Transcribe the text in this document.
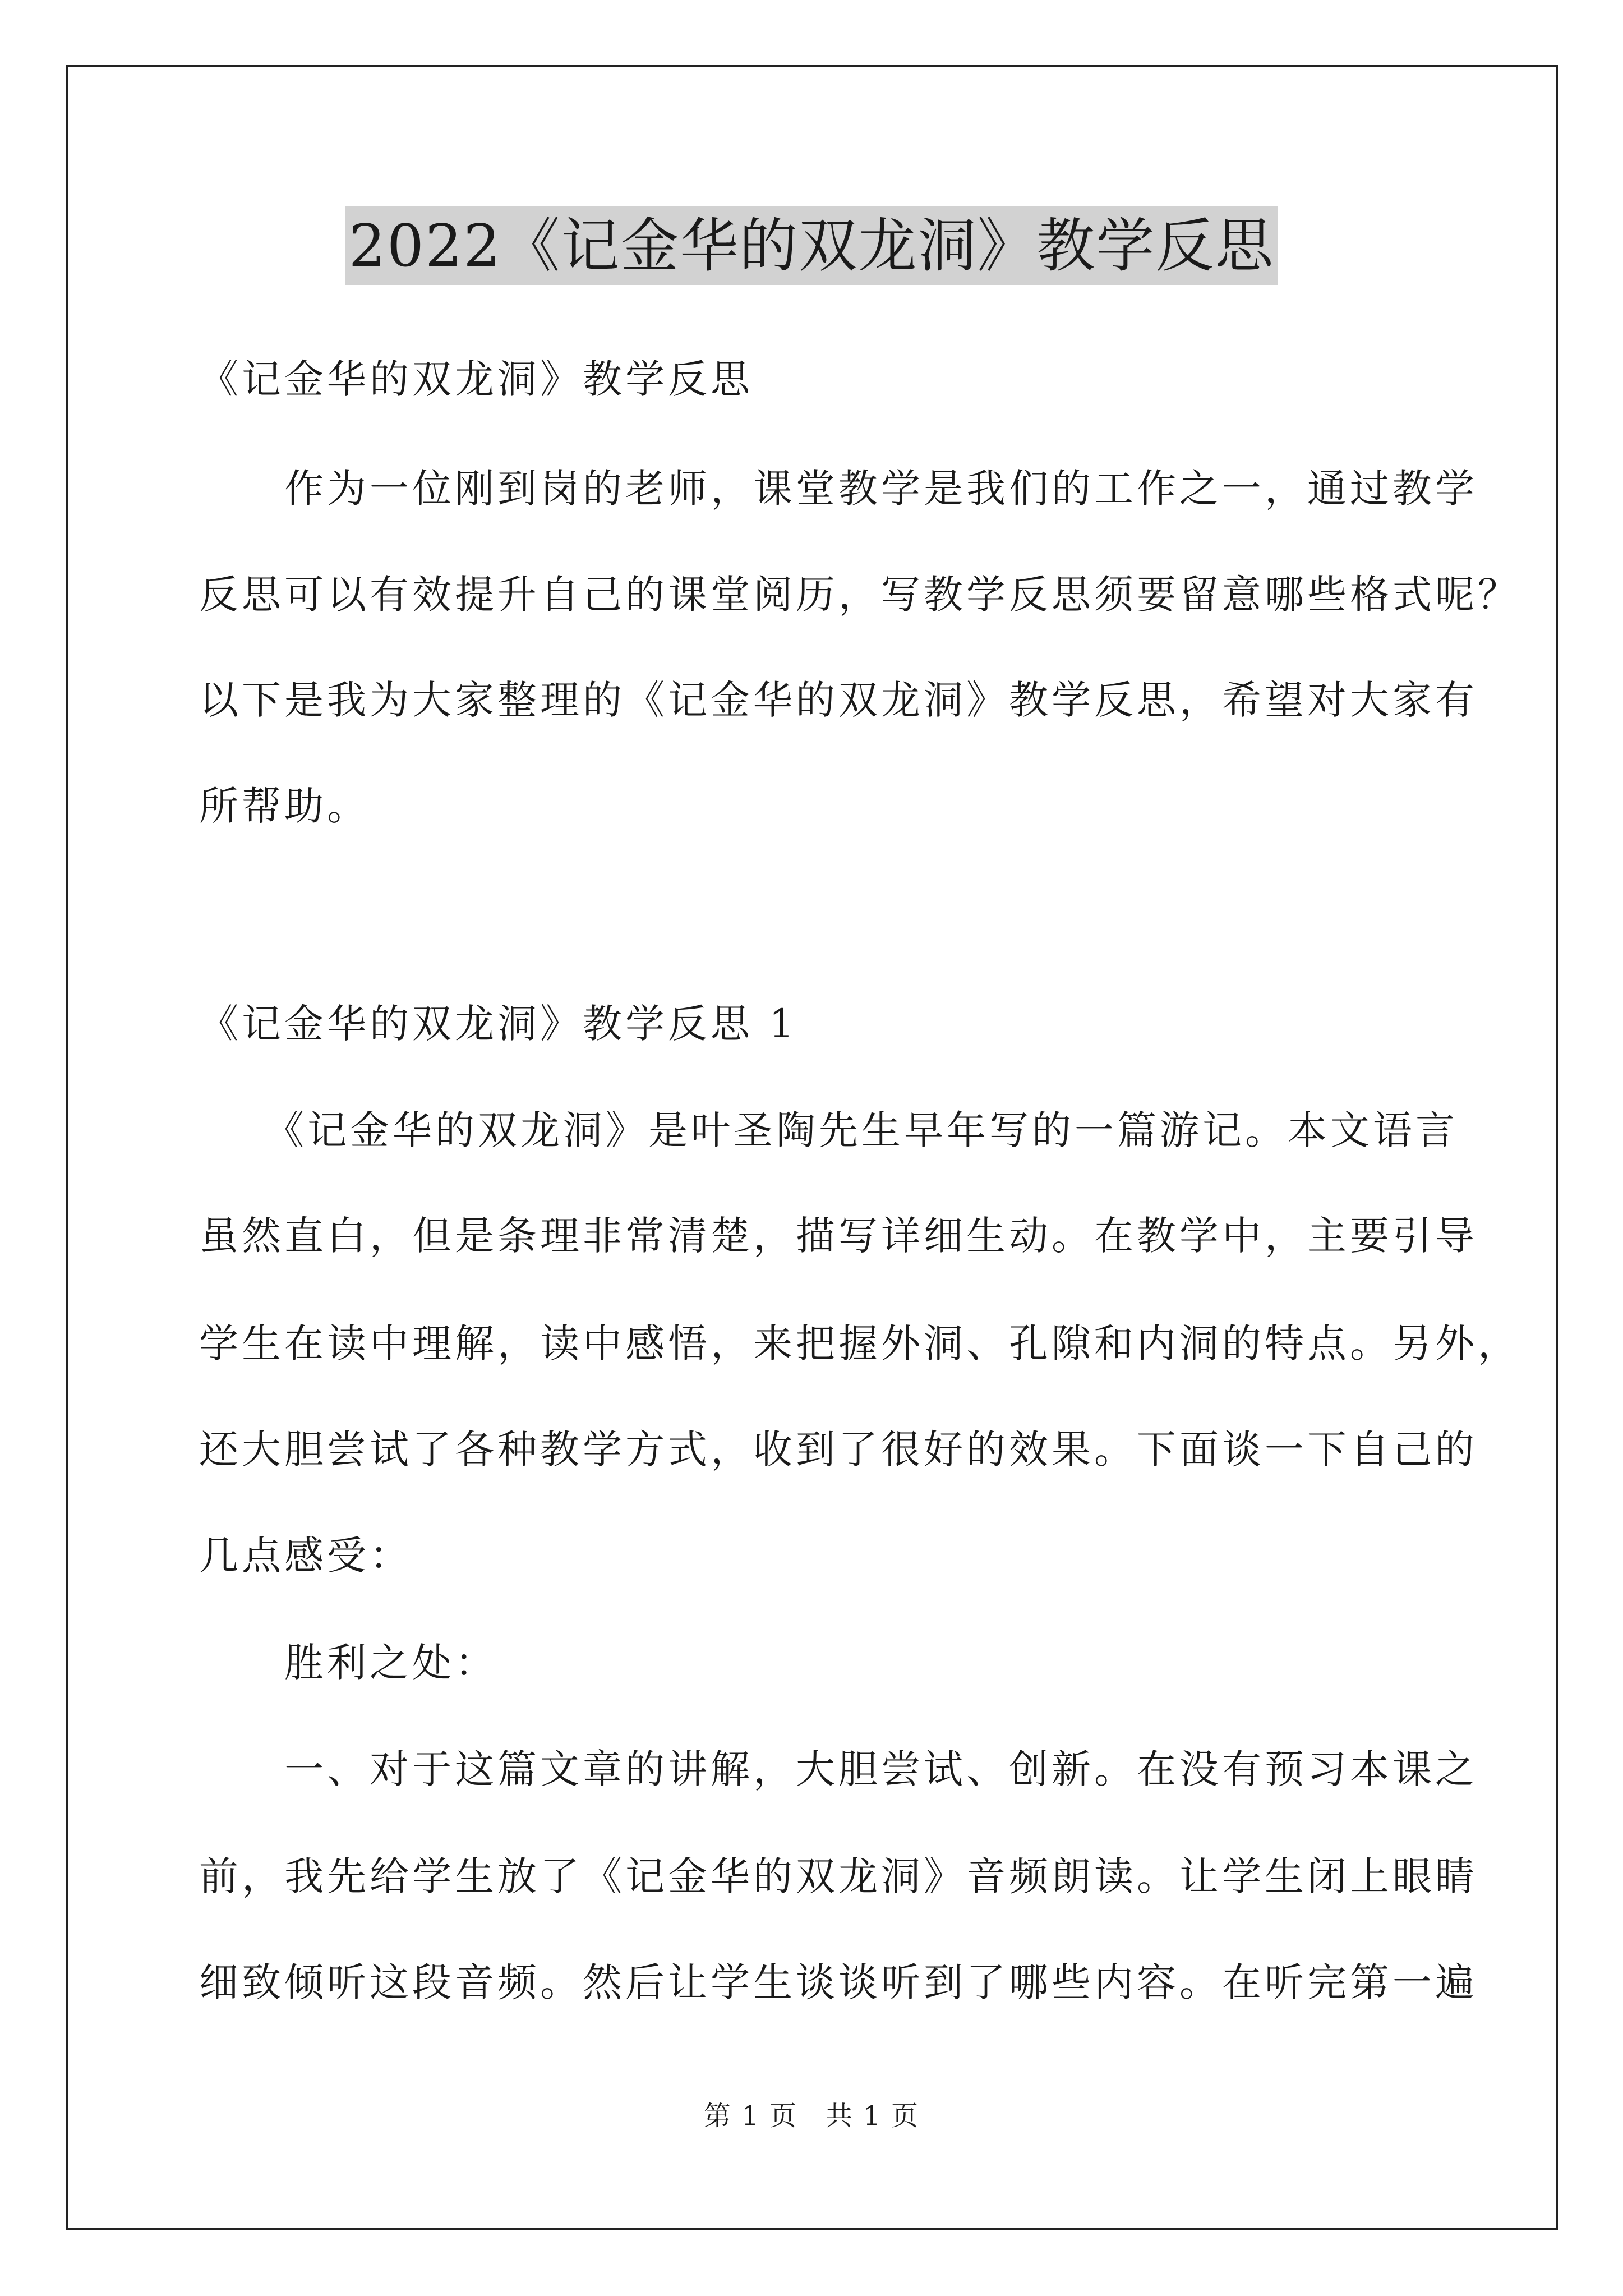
2022《记金华的双龙洞》教学反思
《记金华的双龙洞》教学反思
　　作为一位刚到岗的老师，课堂教学是我们的工作之一，通过教学
反思可以有效提升自己的课堂阅历，写教学反思须要留意哪些格式呢？
以下是我为大家整理的《记金华的双龙洞》教学反思，希望对大家有
所帮助。
《记金华的双龙洞》教学反思 1
　　《记金华的双龙洞》是叶圣陶先生早年写的一篇游记。本文语言
虽然直白，但是条理非常清楚，描写详细生动。在教学中，主要引导
学生在读中理解，读中感悟，来把握外洞、孔隙和内洞的特点。另外，
还大胆尝试了各种教学方式，收到了很好的效果。下面谈一下自己的
几点感受：
　　胜利之处：
　　一、对于这篇文章的讲解，大胆尝试、创新。在没有预习本课之
前，我先给学生放了《记金华的双龙洞》音频朗读。让学生闭上眼睛
细致倾听这段音频。然后让学生谈谈听到了哪些内容。在听完第一遍
第 1 页　共 1 页
